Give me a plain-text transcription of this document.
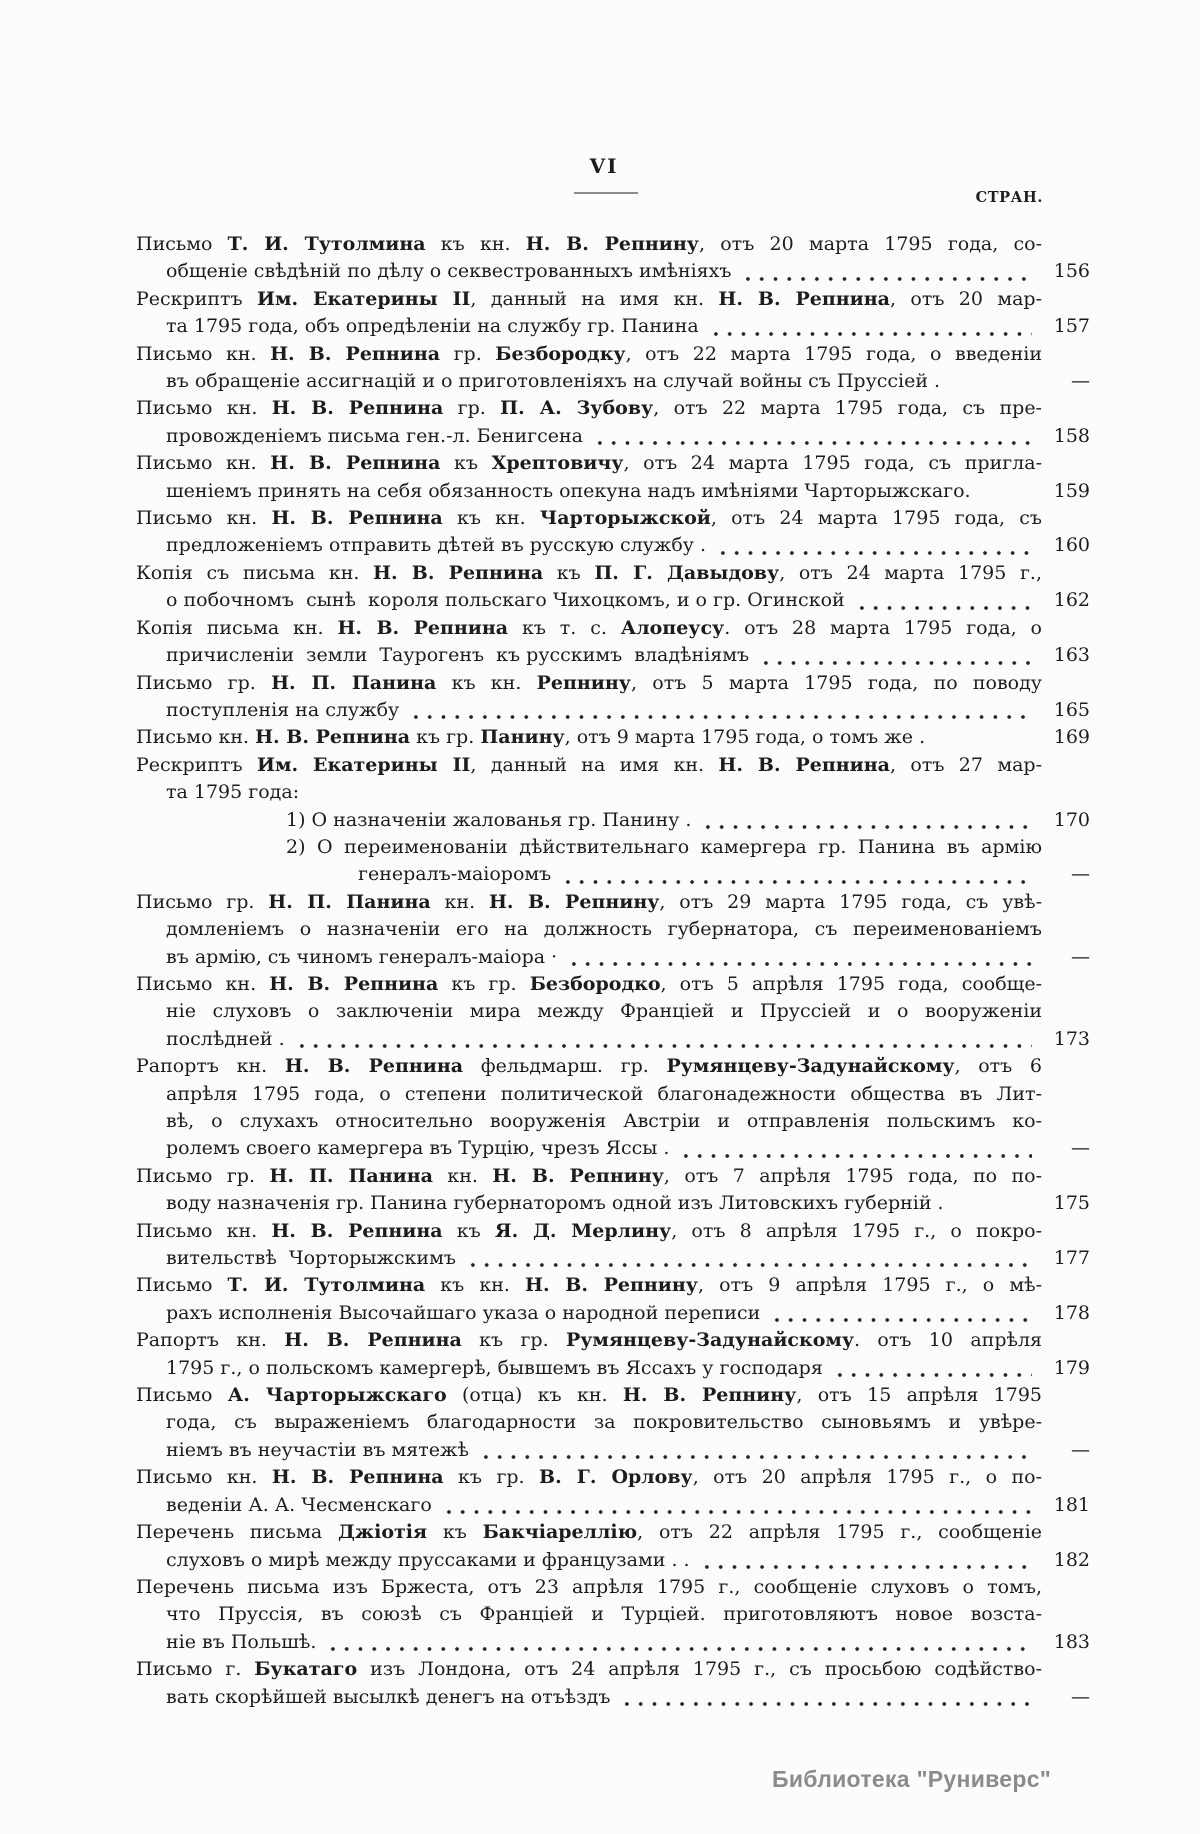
VI
СТРАН.
Письмо Т. И. Тутолмина къ кн. Н. В. Репнину, отъ 20 марта 1795 года, со-
общеніе свѣдѣній по дѣлу о секвестрованныхъ имѣніяхъ	156
Рескриптъ Им. Екатерины II, данный на имя кн. Н. В. Репнина, отъ 20 мар-
та 1795 года, объ опредѣленіи на службу гр. Панина	157
Письмо кн. Н. В. Репнина гр. Безбородку, отъ 22 марта 1795 года, о введеніи
въ обращеніе ассигнацій и о приготовленіяхъ на случай войны съ Пруссіей .	—
Письмо кн. Н. В. Репнина гр. П. А. Зубову, отъ 22 марта 1795 года, съ пре-
провожденіемъ письма ген.-л. Бенигсена	158
Письмо кн. Н. В. Репнина къ Хрептовичу, отъ 24 марта 1795 года, съ пригла-
шеніемъ принять на себя обязанность опекуна надъ имѣніями Чарторыжскаго.	159
Письмо кн. Н. В. Репнина къ кн. Чарторыжской, отъ 24 марта 1795 года, съ
предложеніемъ отправить дѣтей въ русскую службу .	160
Копія съ письма кн. Н. В. Репнина къ П. Г. Давыдову, отъ 24 марта 1795 г.,
о побочномъ  сынѣ  короля польскаго Чихоцкомъ, и о гр. Огинской	162
Копія письма кн. Н. В. Репнина къ т. с. Алопеусу. отъ 28 марта 1795 года, о
причисленіи  земли  Таурогенъ  къ русскимъ  владѣніямъ	163
Письмо гр. Н. П. Панина къ кн. Репнину, отъ 5 марта 1795 года, по поводу
поступленія на службу	165
Письмо кн. Н. В. Репнина къ гр. Панину, отъ 9 марта 1795 года, о томъ же .	169
Рескриптъ Им. Екатерины II, данный на имя кн. Н. В. Репнина, отъ 27 мар-
та 1795 года:
1) О назначеніи жалованья гр. Панину .	170
2) О переименованіи дѣйствительнаго камергера гр. Панина въ армію
генералъ-маіоромъ	—
Письмо гр. Н. П. Панина кн. Н. В. Репнину, отъ 29 марта 1795 года, съ увѣ-
домленіемъ о назначеніи его на должность губернатора, съ переименованіемъ
въ армію, съ чиномъ генералъ-маіора ·	—
Письмо кн. Н. В. Репнина къ гр. Безбородко, отъ 5 апрѣля 1795 года, сообще-
ніе слуховъ о заключеніи мира между Франціей и Пруссіей и о вооруженіи
послѣдней .	173
Рапортъ кн. Н. В. Репнина фельдмарш. гр. Румянцеву-Задунайскому, отъ 6
апрѣля 1795 года, о степени политической благонадежности общества въ Лит-
вѣ, о слухахъ относительно вооруженія Австріи и отправленія польскимъ ко-
ролемъ своего камергера въ Турцію, чрезъ Яссы .	—
Письмо гр. Н. П. Панина кн. Н. В. Репнину, отъ 7 апрѣля 1795 года, по по-
воду назначенія гр. Панина губернаторомъ одной изъ Литовскихъ губерній .	175
Письмо кн. Н. В. Репнина къ Я. Д. Мерлину, отъ 8 апрѣля 1795 г., о покро-
вительствѣ  Чорторыжскимъ	177
Письмо Т. И. Тутолмина къ кн. Н. В. Репнину, отъ 9 апрѣля 1795 г., о мѣ-
рахъ исполненія Высочайшаго указа о народной переписи	178
Рапортъ кн. Н. В. Репнина къ гр. Румянцеву-Задунайскому. отъ 10 апрѣля
1795 г., о польскомъ камергерѣ, бывшемъ въ Яссахъ у господаря	179
Письмо А. Чарторыжскаго (отца) къ кн. Н. В. Репнину, отъ 15 апрѣля 1795
года, съ выраженіемъ благодарности за покровительство сыновьямъ и увѣре-
ніемъ въ неучастіи въ мятежѣ	—
Письмо кн. Н. В. Репнина къ гр. В. Г. Орлову, отъ 20 апрѣля 1795 г., о по-
веденіи А. А. Чесменскаго	181
Перечень письма Джіотія къ Бакчіареллію, отъ 22 апрѣля 1795 г., сообщеніе
слуховъ о мирѣ между пруссаками и французами . .	182
Перечень письма изъ Бржеста, отъ 23 апрѣля 1795 г., сообщеніе слуховъ о томъ,
что Пруссія, въ союзѣ съ Франціей и Турціей. приготовляютъ новое возста-
ніе въ Польшѣ.	183
Письмо г. Букатаго изъ Лондона, отъ 24 апрѣля 1795 г., съ просьбою содѣйство-
вать скорѣйшей высылкѣ денегъ на отъѣздъ	—
Библиотека "Руниверс"
